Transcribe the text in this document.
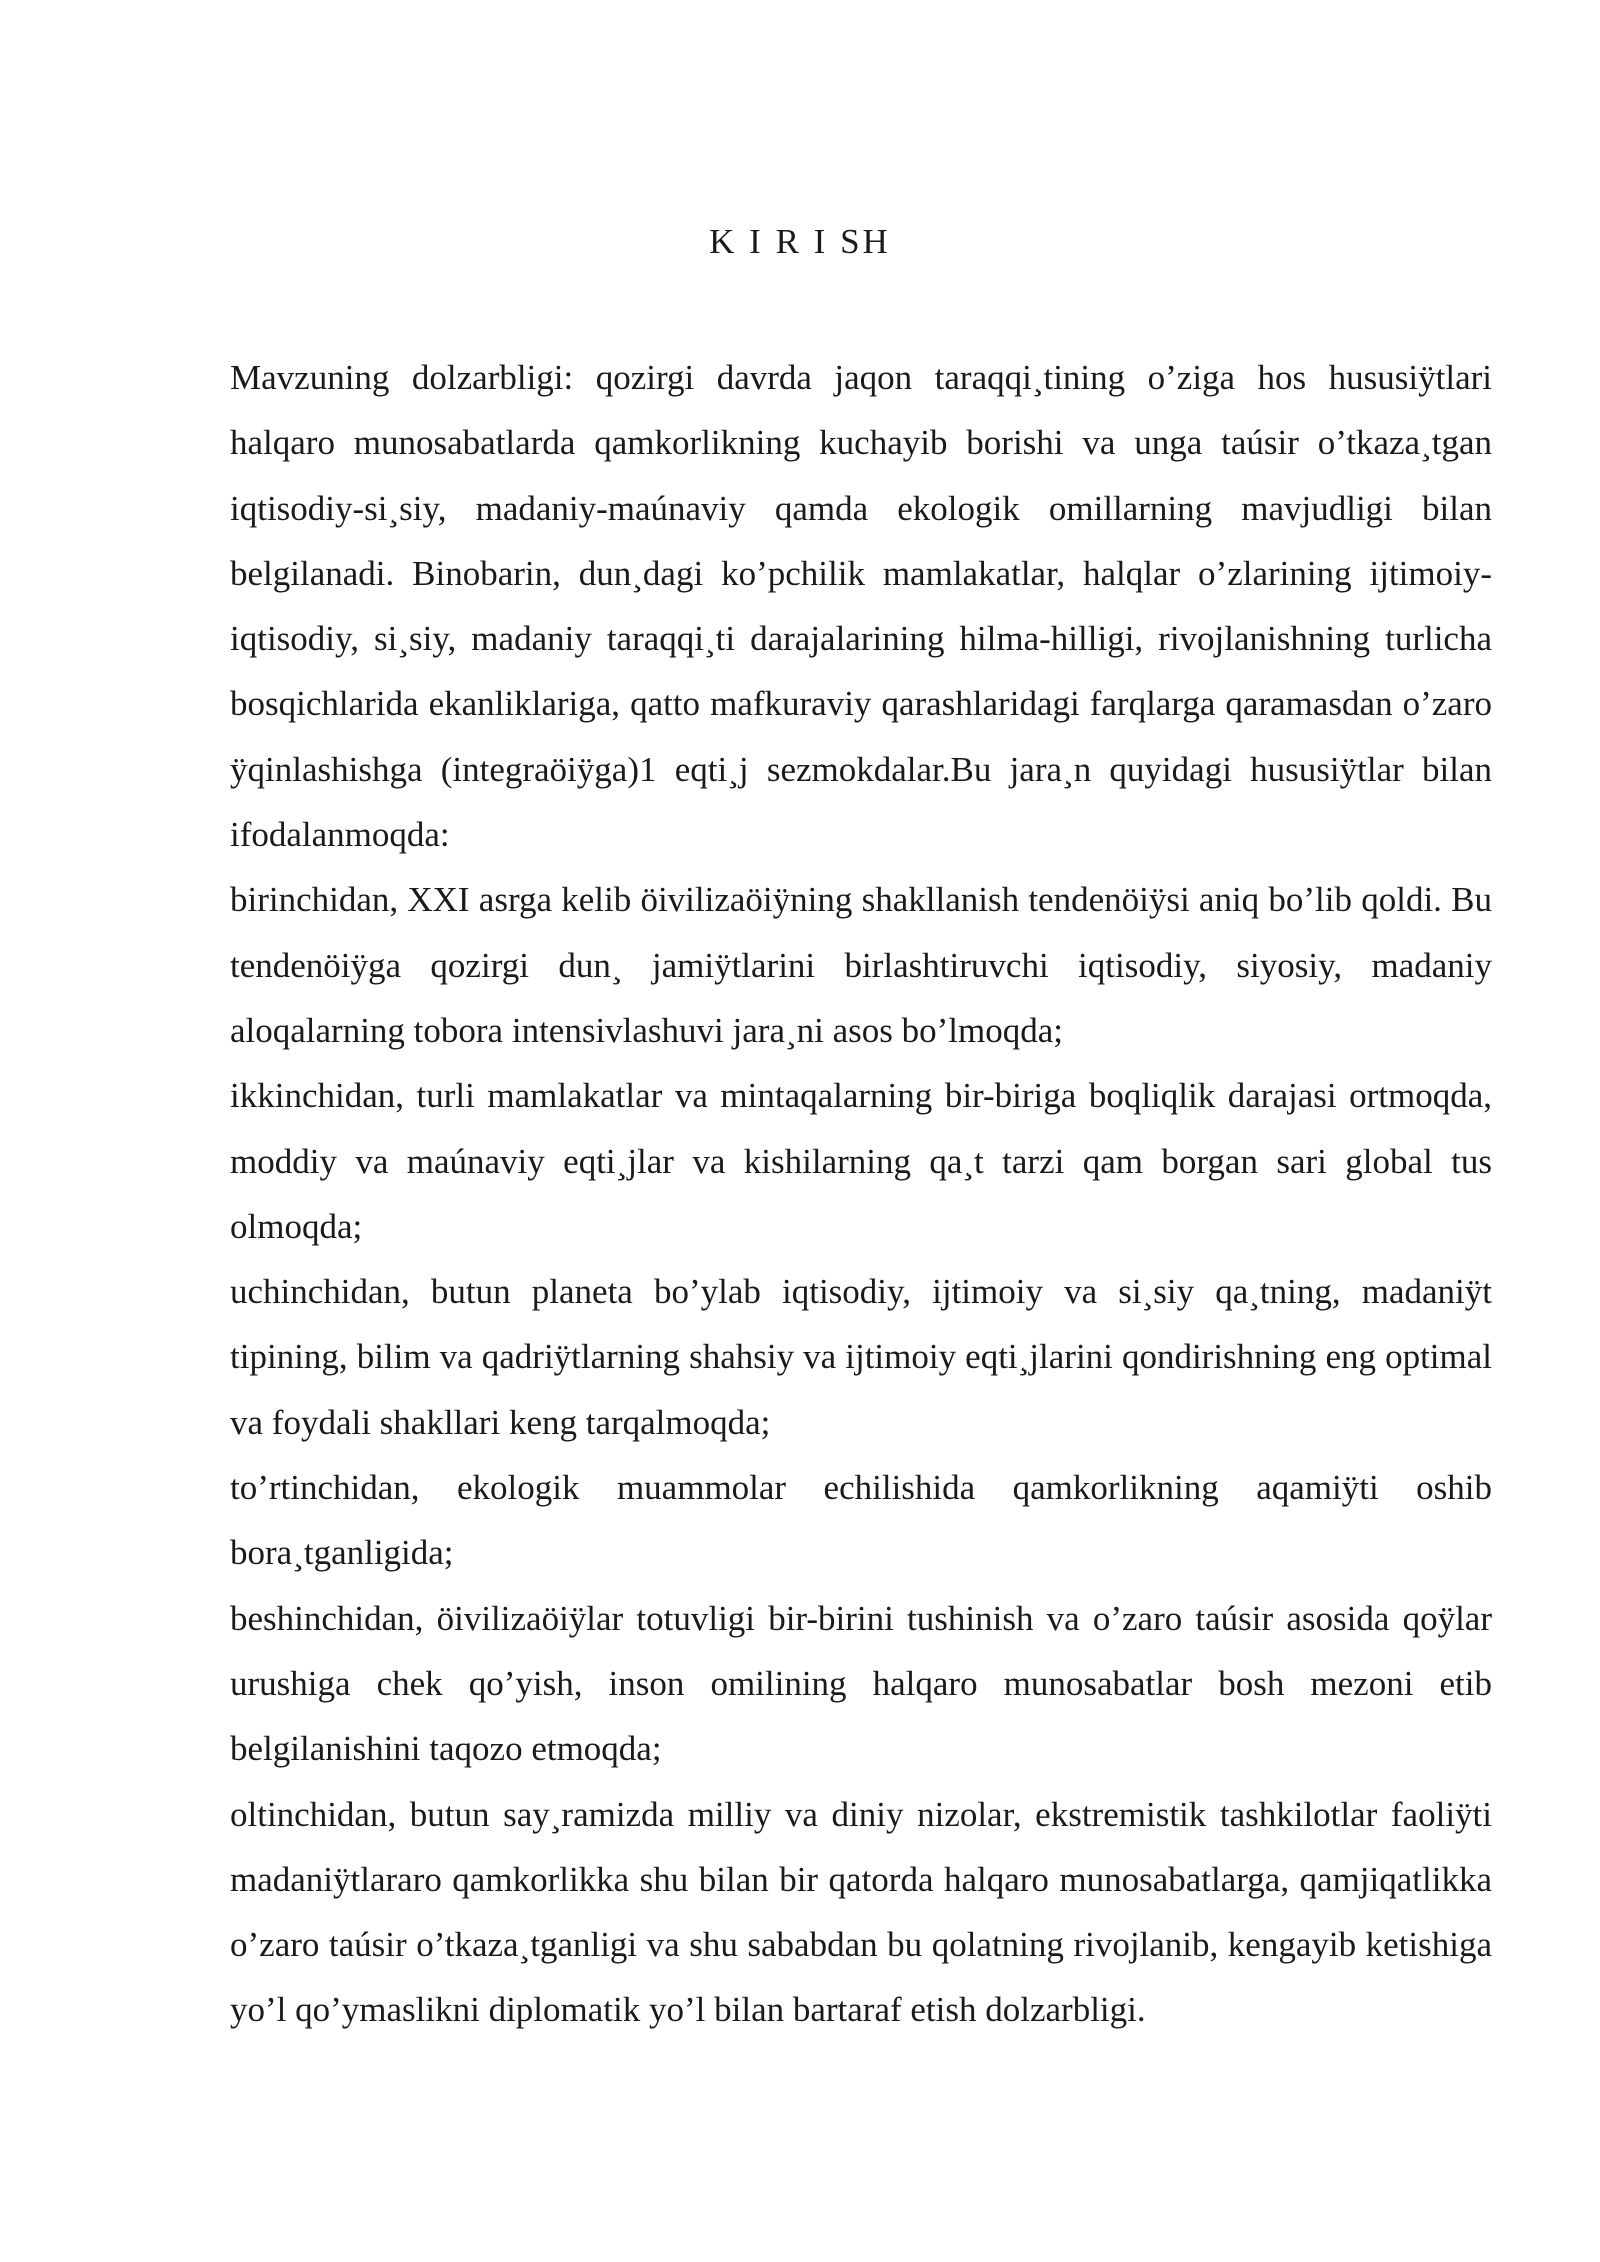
K I R I SH

Mavzuning dolzarbligi: qozirgi davrda jaqon taraqqi¸tining o’ziga hos hususiÿtlari halqaro munosabatlarda qamkorlikning kuchayib borishi va unga taúsir o’tkaza¸tgan iqtisodiy-si¸siy, madaniy-maúnaviy qamda ekologik omillarning mavjudligi bilan belgilanadi. Binobarin, dun¸dagi ko’pchilik mamlakatlar, halqlar o’zlarining ijtimoiy-iqtisodiy, si¸siy, madaniy taraqqi¸ti darajalarining hilma-hilligi, rivojlanishning turlicha bosqichlarida ekanliklariga, qatto mafkuraviy qarashlaridagi farqlarga qaramasdan o’zaro ÿqinlashishga (integraöiÿga)1 eqti¸j sezmokdalar.Bu jara¸n quyidagi hususiÿtlar bilan ifodalanmoqda:

birinchidan, XXI asrga kelib öivilizaöiÿning shakllanish tendenöiÿsi aniq bo’lib qoldi. Bu tendenöiÿga qozirgi dun¸ jamiÿtlarini birlashtiruvchi iqtisodiy, siyosiy, madaniy aloqalarning tobora intensivlashuvi jara¸ni asos bo’lmoqda;

ikkinchidan, turli mamlakatlar va mintaqalarning bir-biriga boqliqlik darajasi ortmoqda, moddiy va maúnaviy eqti¸jlar va kishilarning qa¸t tarzi qam borgan sari global tus olmoqda;

uchinchidan, butun planeta bo’ylab iqtisodiy, ijtimoiy va si¸siy qa¸tning, madaniÿt tipining, bilim va qadriÿtlarning shahsiy va ijtimoiy eqti¸jlarini qondirishning eng optimal va foydali shakllari keng tarqalmoqda;

to’rtinchidan, ekologik muammolar echilishida qamkorlikning aqamiÿti oshib bora¸tganligida;

beshinchidan, öivilizaöiÿlar totuvligi bir-birini tushinish va o’zaro taúsir asosida qoÿlar urushiga chek qo’yish, inson omilining halqaro munosabatlar bosh mezoni etib belgilanishini taqozo etmoqda;

oltinchidan, butun say¸ramizda milliy va diniy nizolar, ekstremistik tashkilotlar faoliÿti madaniÿtlararo qamkorlikka shu bilan bir qatorda halqaro munosabatlarga, qamjiqatlikka o’zaro taúsir o’tkaza¸tganligi va shu sababdan bu qolatning rivojlanib, kengayib ketishiga yo’l qo’ymaslikni diplomatik yo’l bilan bartaraf etish dolzarbligi.
